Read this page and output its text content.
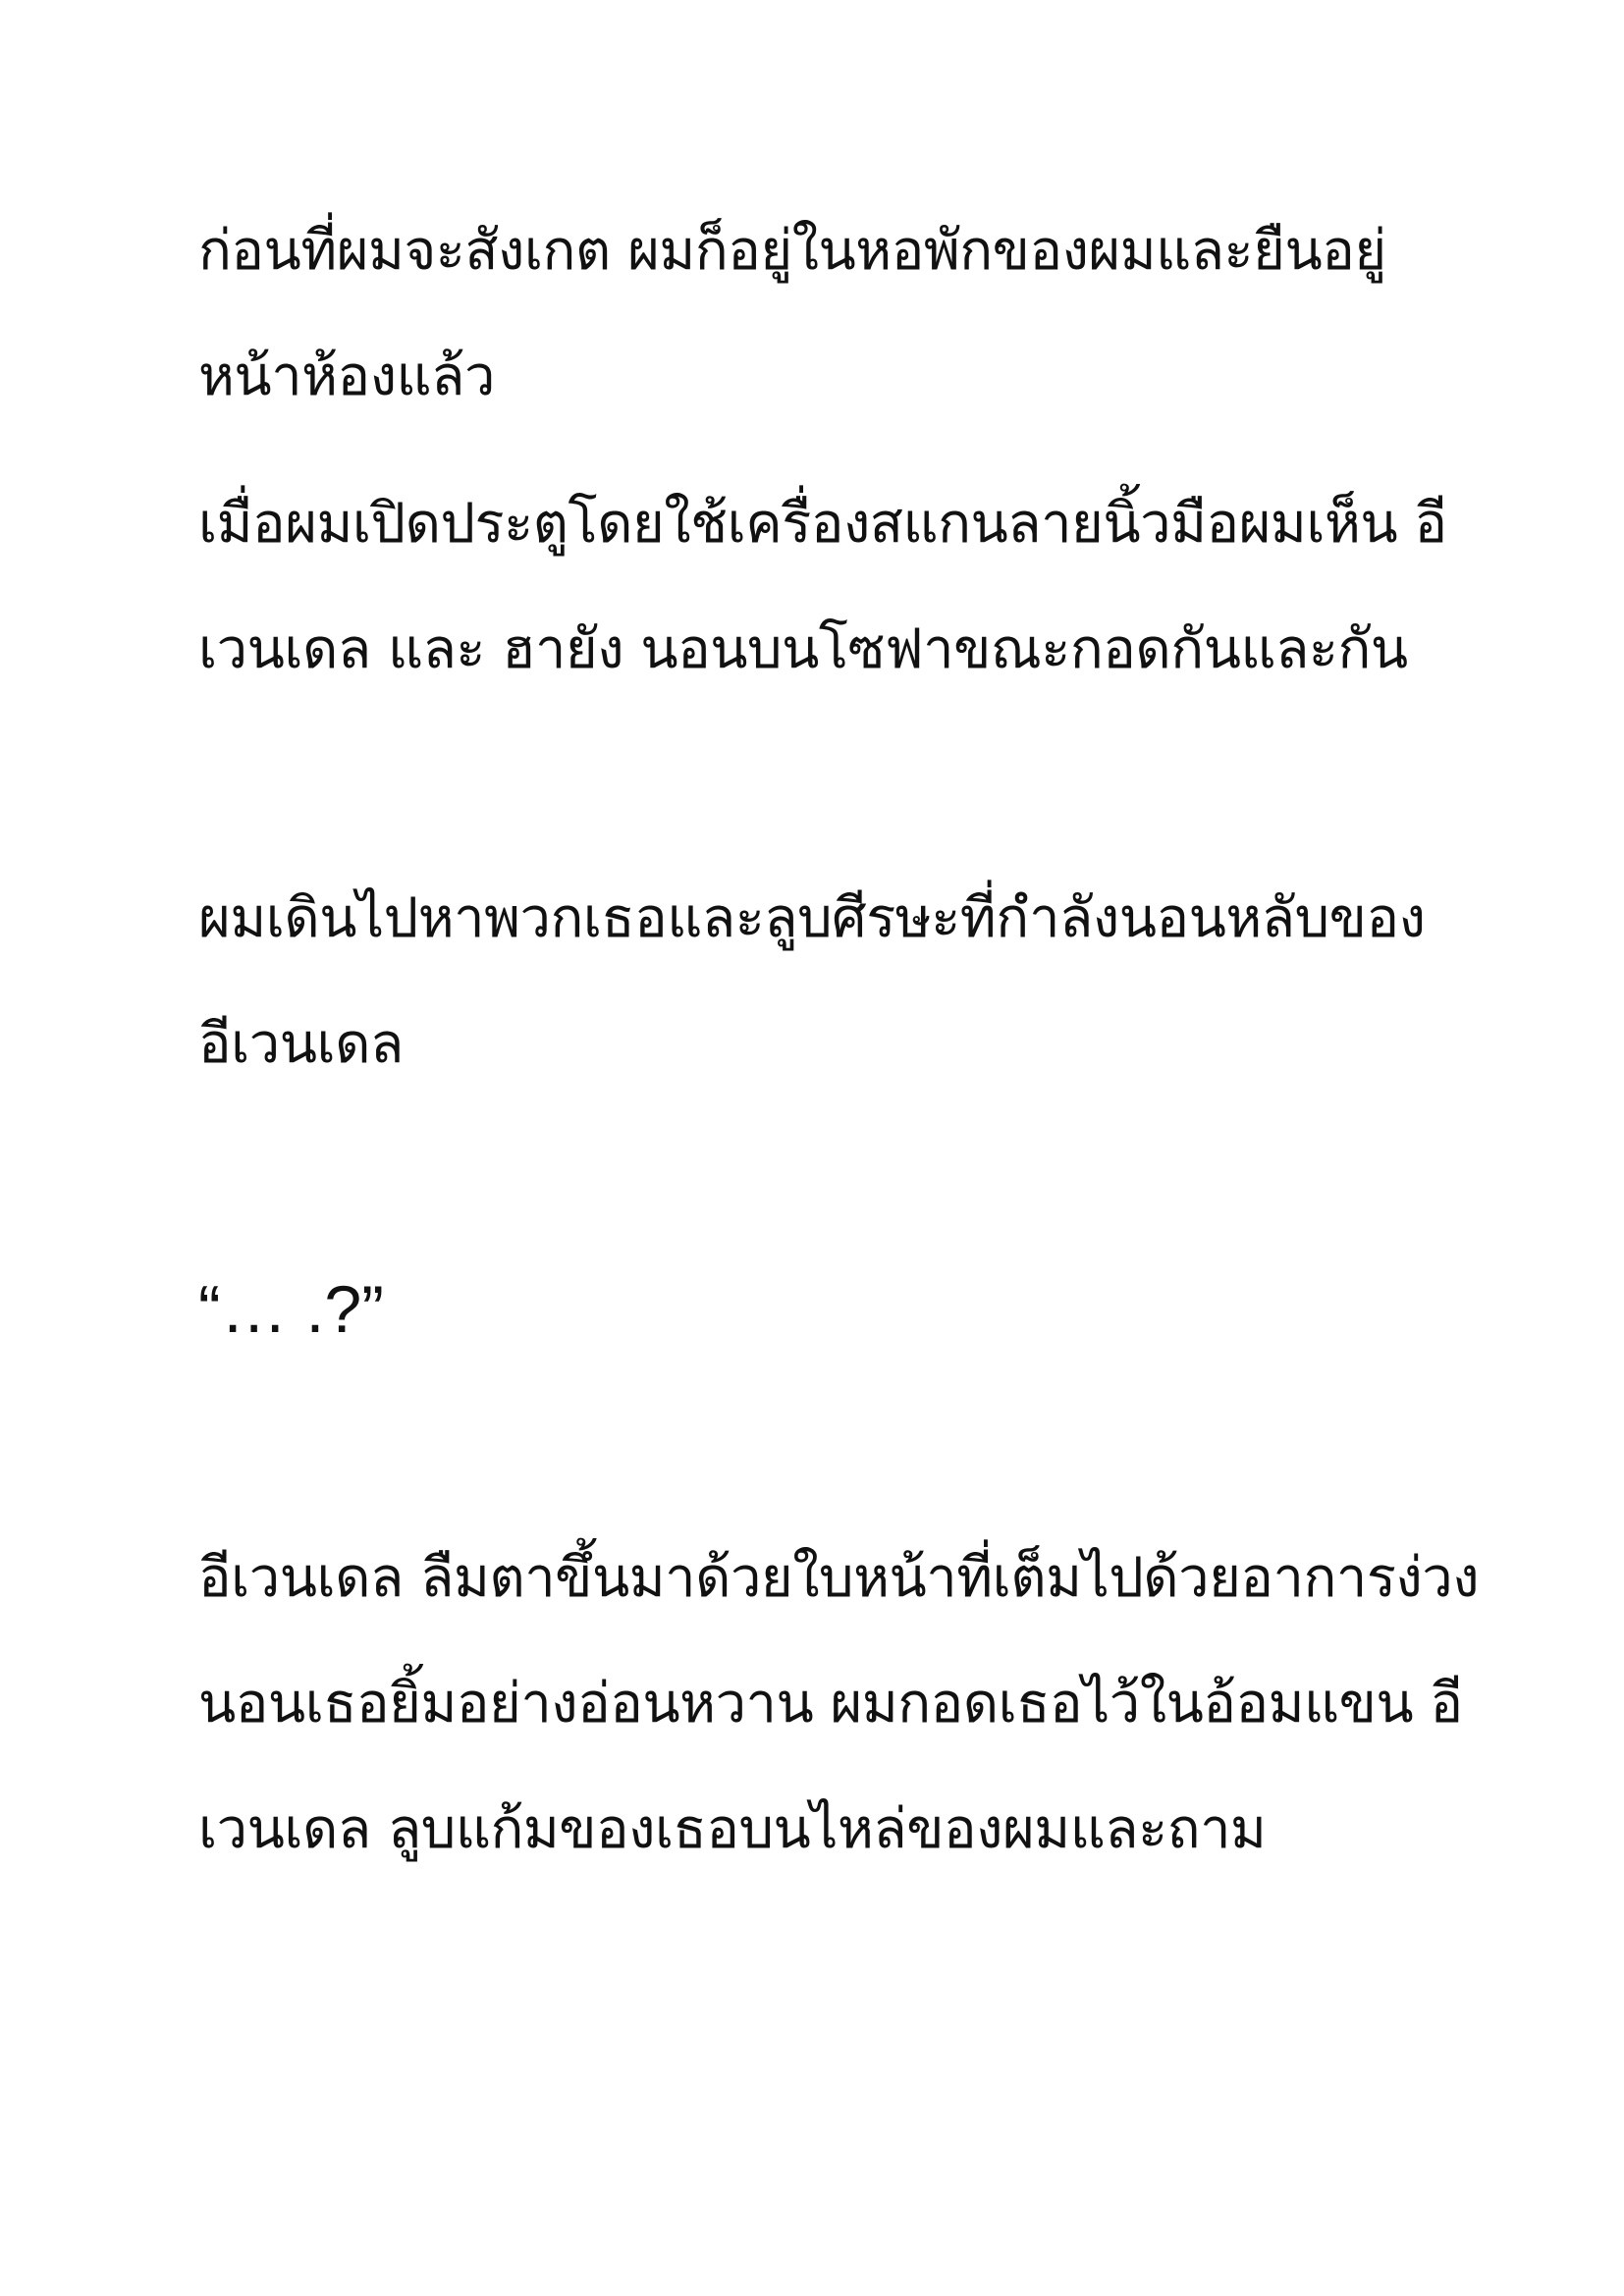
ก่อนที่ผมจะสังเกต ผมก็อยู่ในหอพักของผมและยืนอยู่
หน้าห้องแล้ว
เมื่อผมเปิดประตูโดยใช้เครื่องสแกนลายนิ้วมือผมเห็น อี
เวนเดล และ ฮายัง นอนบนโซฟาขณะกอดกันและกัน
ผมเดินไปหาพวกเธอและลูบศีรษะที่กำลังนอนหลับของ
อีเวนเดล
“… .?”
อีเวนเดล ลืมตาขึ้นมาด้วยใบหน้าที่เต็มไปด้วยอาการง่วง
นอนเธอยิ้มอย่างอ่อนหวาน ผมกอดเธอไว้ในอ้อมแขน อี
เวนเดล ลูบแก้มของเธอบนไหล่ของผมและถาม
